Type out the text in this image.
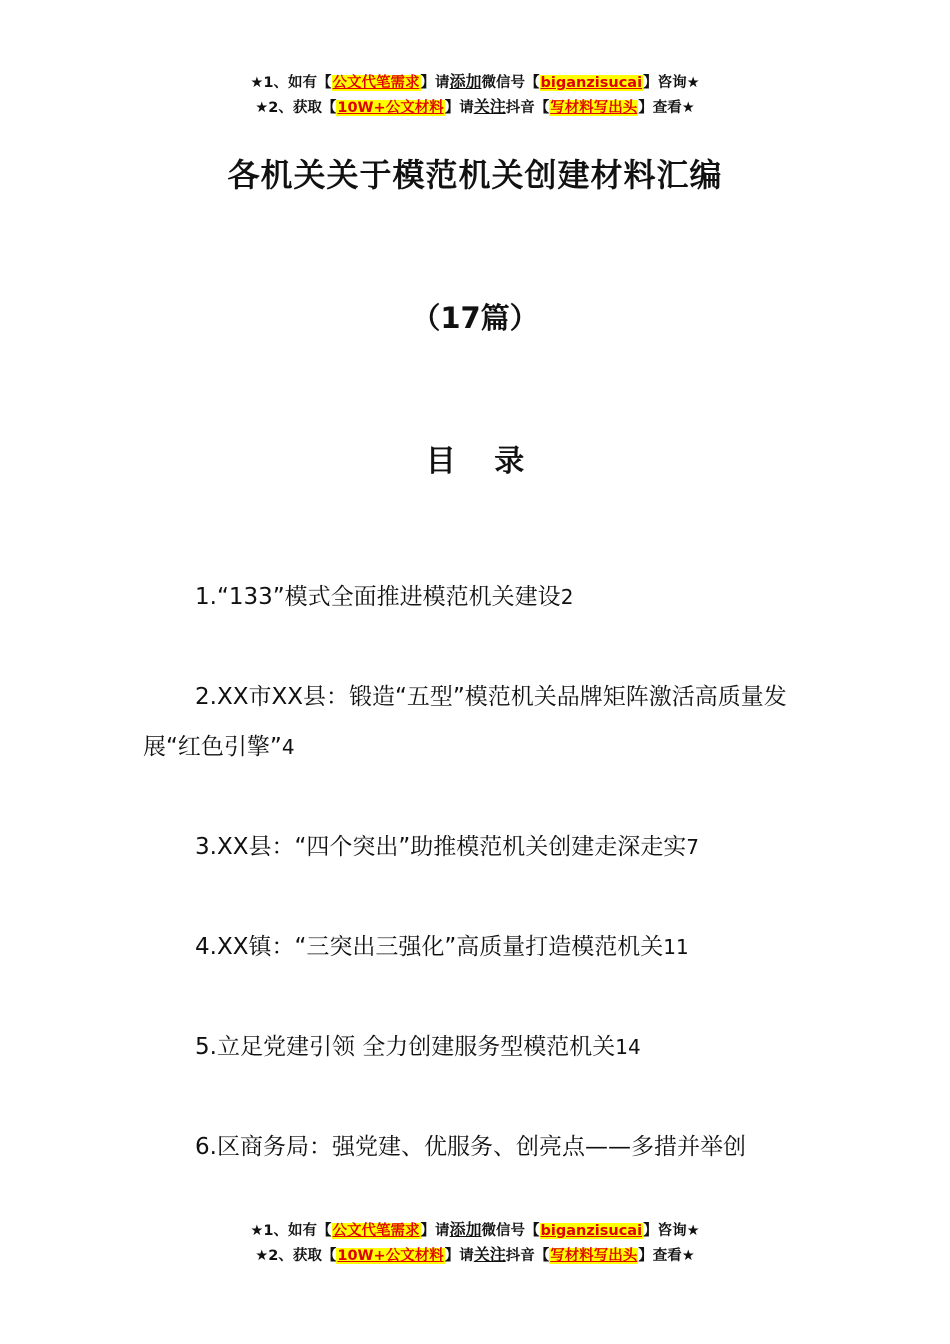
★1、如有【公文代笔需求】请添加微信号【biganzisucai】咨询★
★2、获取【10W+公文材料】请关注抖音【写材料写出头】查看★
各机关关于模范机关创建材料汇编
（17篇）
目 录

1.“133”模式全面推进模范机关建设2

2.XX市XX县：锻造“五型”模范机关品牌矩阵激活高质量发展“红色引擎”4

3.XX县：“四个突出”助推模范机关创建走深走实7

4.XX镇：“三突出三强化”高质量打造模范机关11

5.立足党建引领 全力创建服务型模范机关14

6.区商务局：强党建、优服务、创亮点——多措并举创

★1、如有【公文代笔需求】请添加微信号【biganzisucai】咨询★
★2、获取【10W+公文材料】请关注抖音【写材料写出头】查看★
